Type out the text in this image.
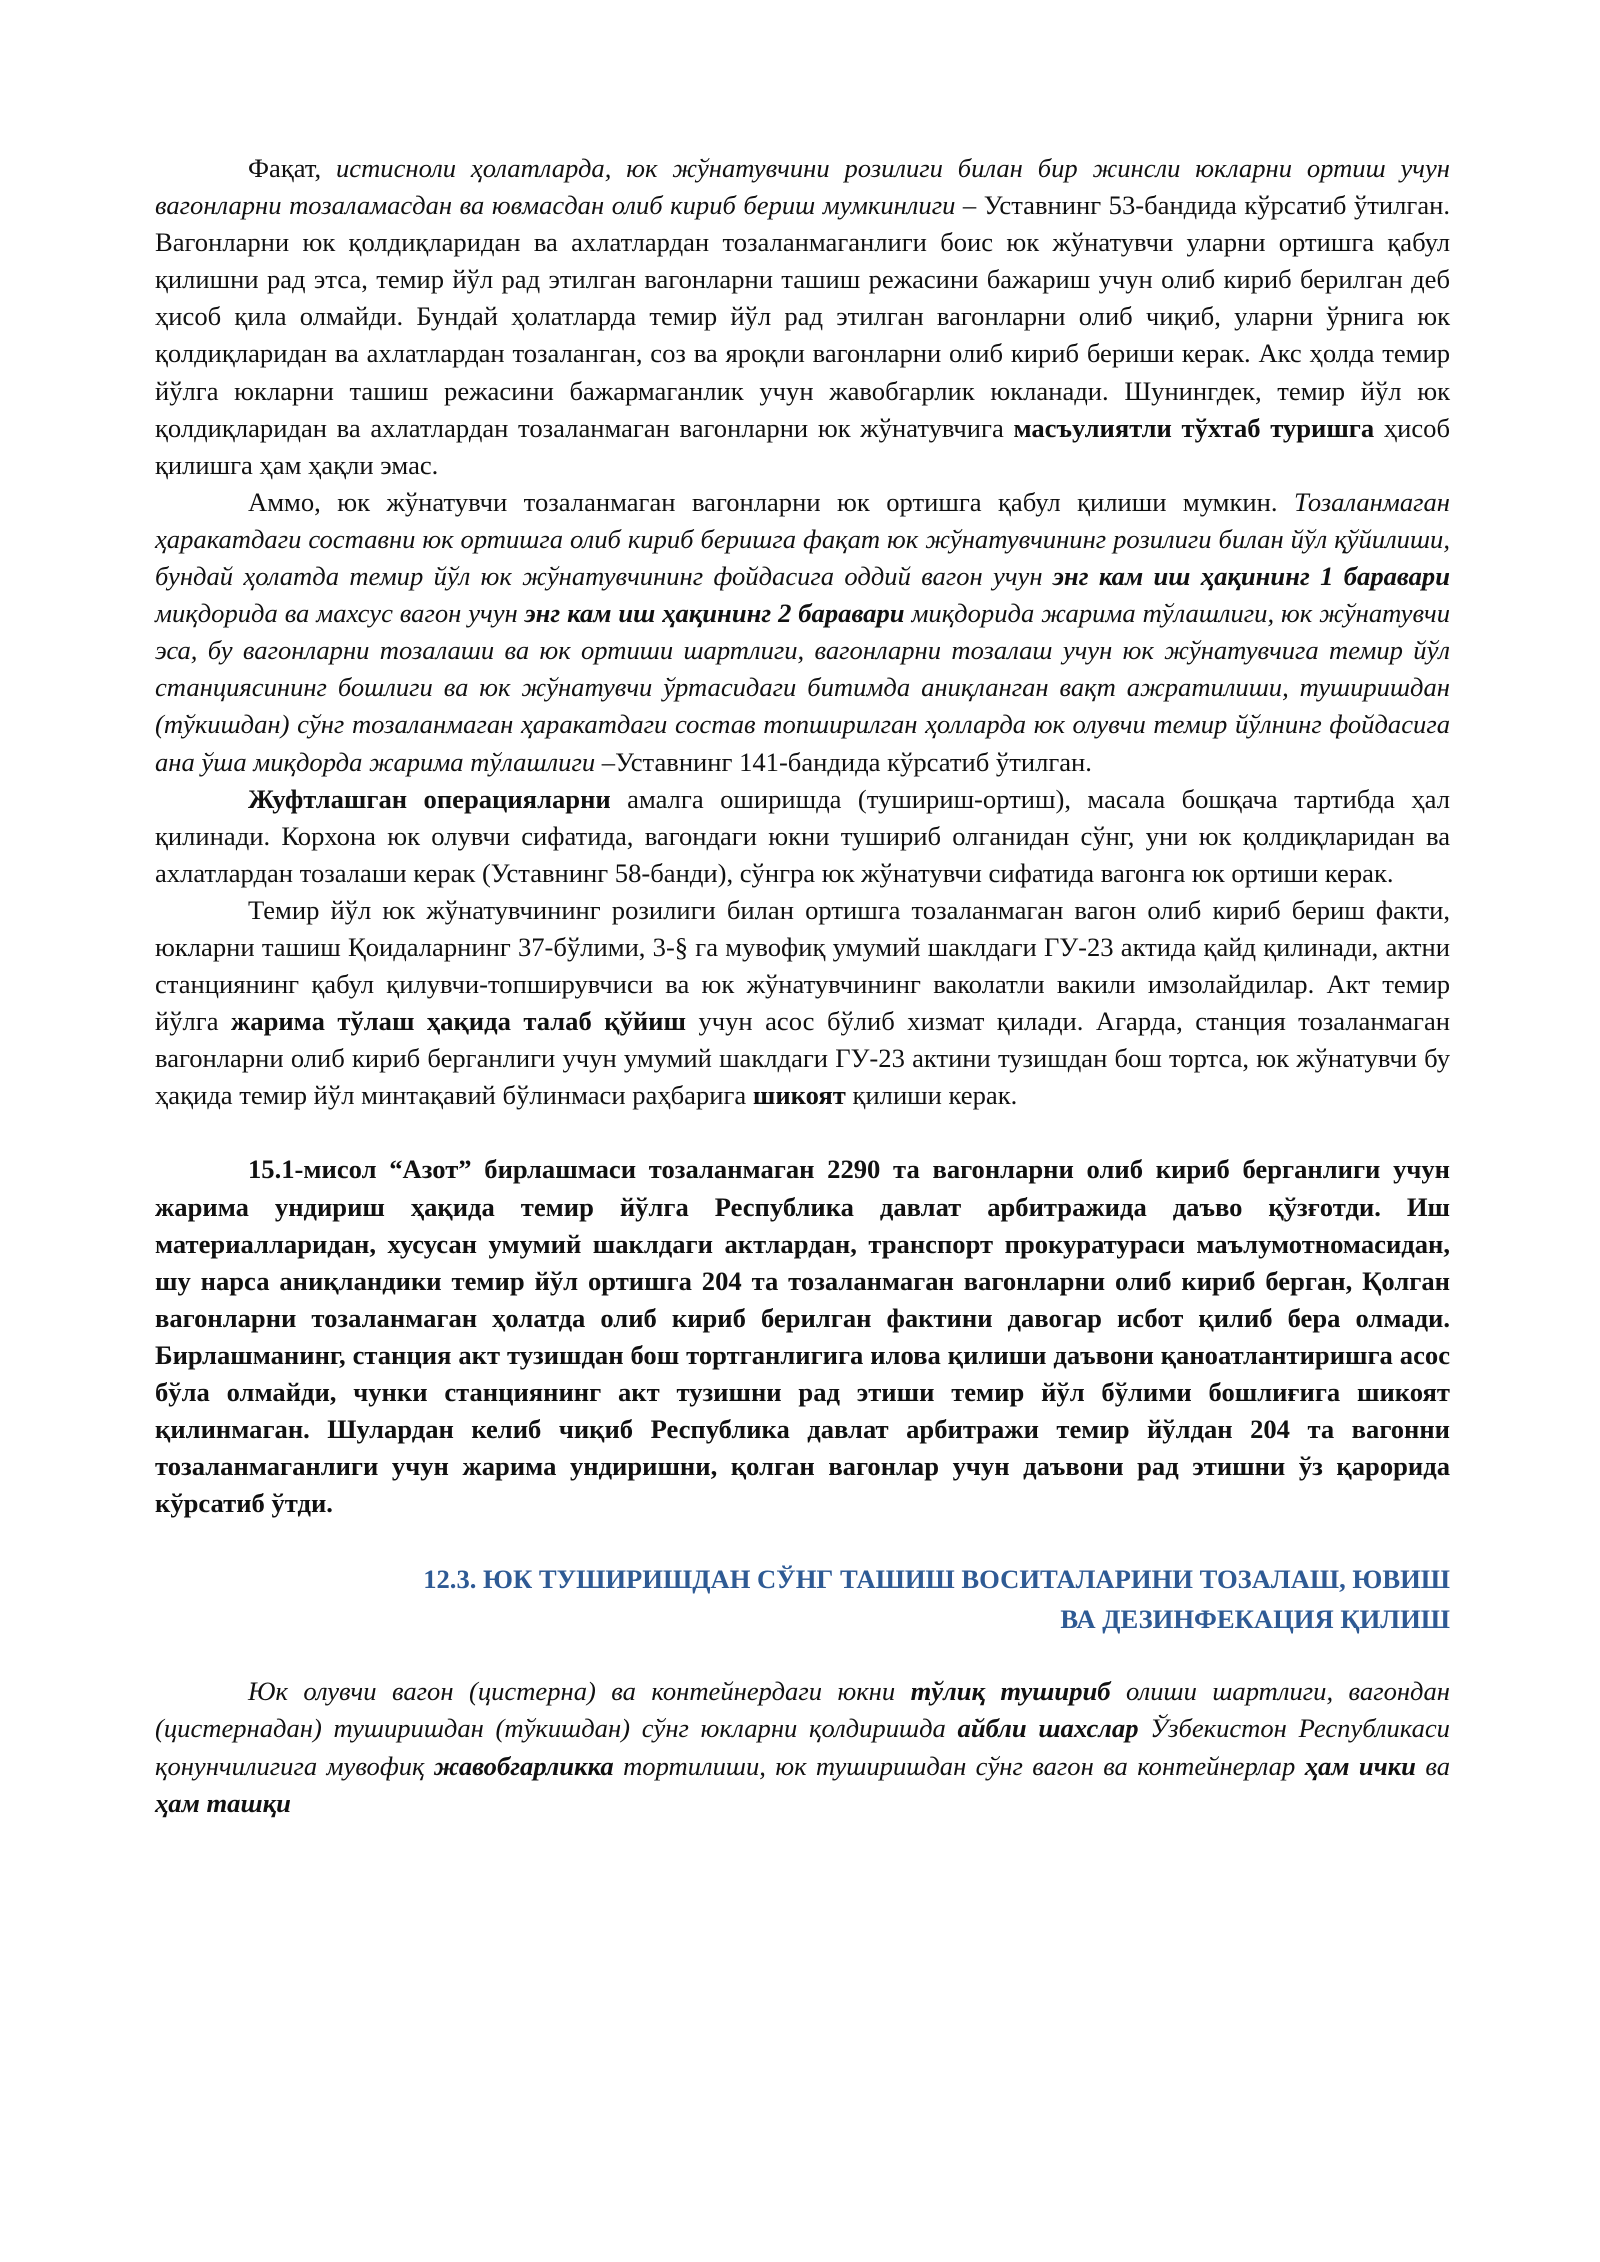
Фақат, истисноли ҳолатларда, юк жўнатувчини розилиги билан бир жинсли юкларни ортиш учун вагонларни тозаламасдан ва ювмасдан олиб кириб бериш мумкинлиги – Уставнинг 53-бандида кўрсатиб ўтилган. Вагонларни юк қолдиқларидан ва ахлатлардан тозаланмаганлиги боис юк жўнатувчи уларни ортишга қабул қилишни рад этса, темир йўл рад этилган вагонларни ташиш режасини бажариш учун олиб кириб берилган деб ҳисоб қила олмайди. Бундай ҳолатларда темир йўл рад этилган вагонларни олиб чиқиб, уларни ўрнига юк қолдиқларидан ва ахлатлардан тозаланган, соз ва яроқли вагонларни олиб кириб бериши керак. Акс ҳолда темир йўлга юкларни ташиш режасини бажармаганлик учун жавобгарлик юкланади. Шунингдек, темир йўл юк қолдиқларидан ва ахлатлардан тозаланмаган вагонларни юк жўнатувчига масъулиятли тўхтаб туришга ҳисоб қилишга ҳам ҳақли эмас.

Аммо, юк жўнатувчи тозаланмаган вагонларни юк ортишга қабул қилиши мумкин. Тозаланмаган ҳаракатдаги составни юк ортишга олиб кириб беришга фақат юк жўнатувчининг розилиги билан йўл қўйилиши, бундай ҳолатда темир йўл юк жўнатувчининг фойдасига оддий вагон учун энг кам иш ҳақининг 1 баравари миқдорида ва махсус вагон учун энг кам иш ҳақининг 2 баравари миқдорида жарима тўлашлиги, юк жўнатувчи эса, бу вагонларни тозалаши ва юк ортиши шартлиги, вагонларни тозалаш учун юк жўнатувчига темир йўл станциясининг бошлиги ва юк жўнатувчи ўртасидаги битимда аниқланган вақт ажратилиши, туширишдан (тўкишдан) сўнг тозаланмаган ҳаракатдаги состав топширилган ҳолларда юк олувчи темир йўлнинг фойдасига ана ўша миқдорда жарима тўлашлиги –Уставнинг 141-бандида кўрсатиб ўтилган.

Жуфтлашган операцияларни амалга оширишда (тушириш-ортиш), масала бошқача тартибда ҳал қилинади. Корхона юк олувчи сифатида, вагондаги юкни тушириб олганидан сўнг, уни юк қолдиқларидан ва ахлатлардан тозалаши керак (Уставнинг 58-банди), сўнгра юк жўнатувчи сифатида вагонга юк ортиши керак.

Темир йўл юк жўнатувчининг розилиги билан ортишга тозаланмаган вагон олиб кириб бериш факти, юкларни ташиш Қоидаларнинг 37-бўлими, 3-§ га мувофиқ умумий шаклдаги ГУ-23 актида қайд қилинади, актни станциянинг қабул қилувчи-топширувчиси ва юк жўнатувчининг ваколатли вакили имзолайдилар. Акт темир йўлга жарима тўлаш ҳақида талаб қўйиш учун асос бўлиб хизмат қилади. Агарда, станция тозаланмаган вагонларни олиб кириб берганлиги учун умумий шаклдаги ГУ-23 актини тузишдан бош тортса, юк жўнатувчи бу ҳақида темир йўл минтақавий бўлинмаси раҳбарига шикоят қилиши керак.

15.1-мисол “Азот” бирлашмаси тозаланмаган 2290 та вагонларни олиб кириб берганлиги учун жарима ундириш ҳақида темир йўлга Республика давлат арбитражида даъво қўзғотди. Иш материалларидан, хусусан умумий шаклдаги актлардан, транспорт прокуратураси маълумотномасидан, шу нарса аниқландики темир йўл ортишга 204 та тозаланмаган вагонларни олиб кириб берган, Қолган вагонларни тозаланмаган ҳолатда олиб кириб берилган фактини давогар исбот қилиб бера олмади. Бирлашманинг, станция акт тузишдан бош тортганлигига илова қилиши даъвони қаноатлантиришга асос бўла олмайди, чунки станциянинг акт тузишни рад этиши темир йўл бўлими бошлиғига шикоят қилинмаган. Шулардан келиб чиқиб Республика давлат арбитражи темир йўлдан 204 та вагонни тозаланмаганлиги учун жарима ундиришни, қолган вагонлар учун даъвони рад этишни ўз қарорида кўрсатиб ўтди.

12.3. ЮК ТУШИРИШДАН СЎНГ ТАШИШ ВОСИТАЛАРИНИ ТОЗАЛАШ, ЮВИШ
ВА ДЕЗИНФЕКАЦИЯ ҚИЛИШ

Юк олувчи вагон (цистерна) ва контейнердаги юкни тўлиқ тушириб олиши шартлиги, вагондан (цистернадан) туширишдан (тўкишдан) сўнг юкларни қолдиришда айбли шахслар Ўзбекистон Республикаси қонунчилигига мувофиқ жавобгарликка тортилиши, юк туширишдан сўнг вагон ва контейнерлар ҳам ички ва ҳам ташқи
